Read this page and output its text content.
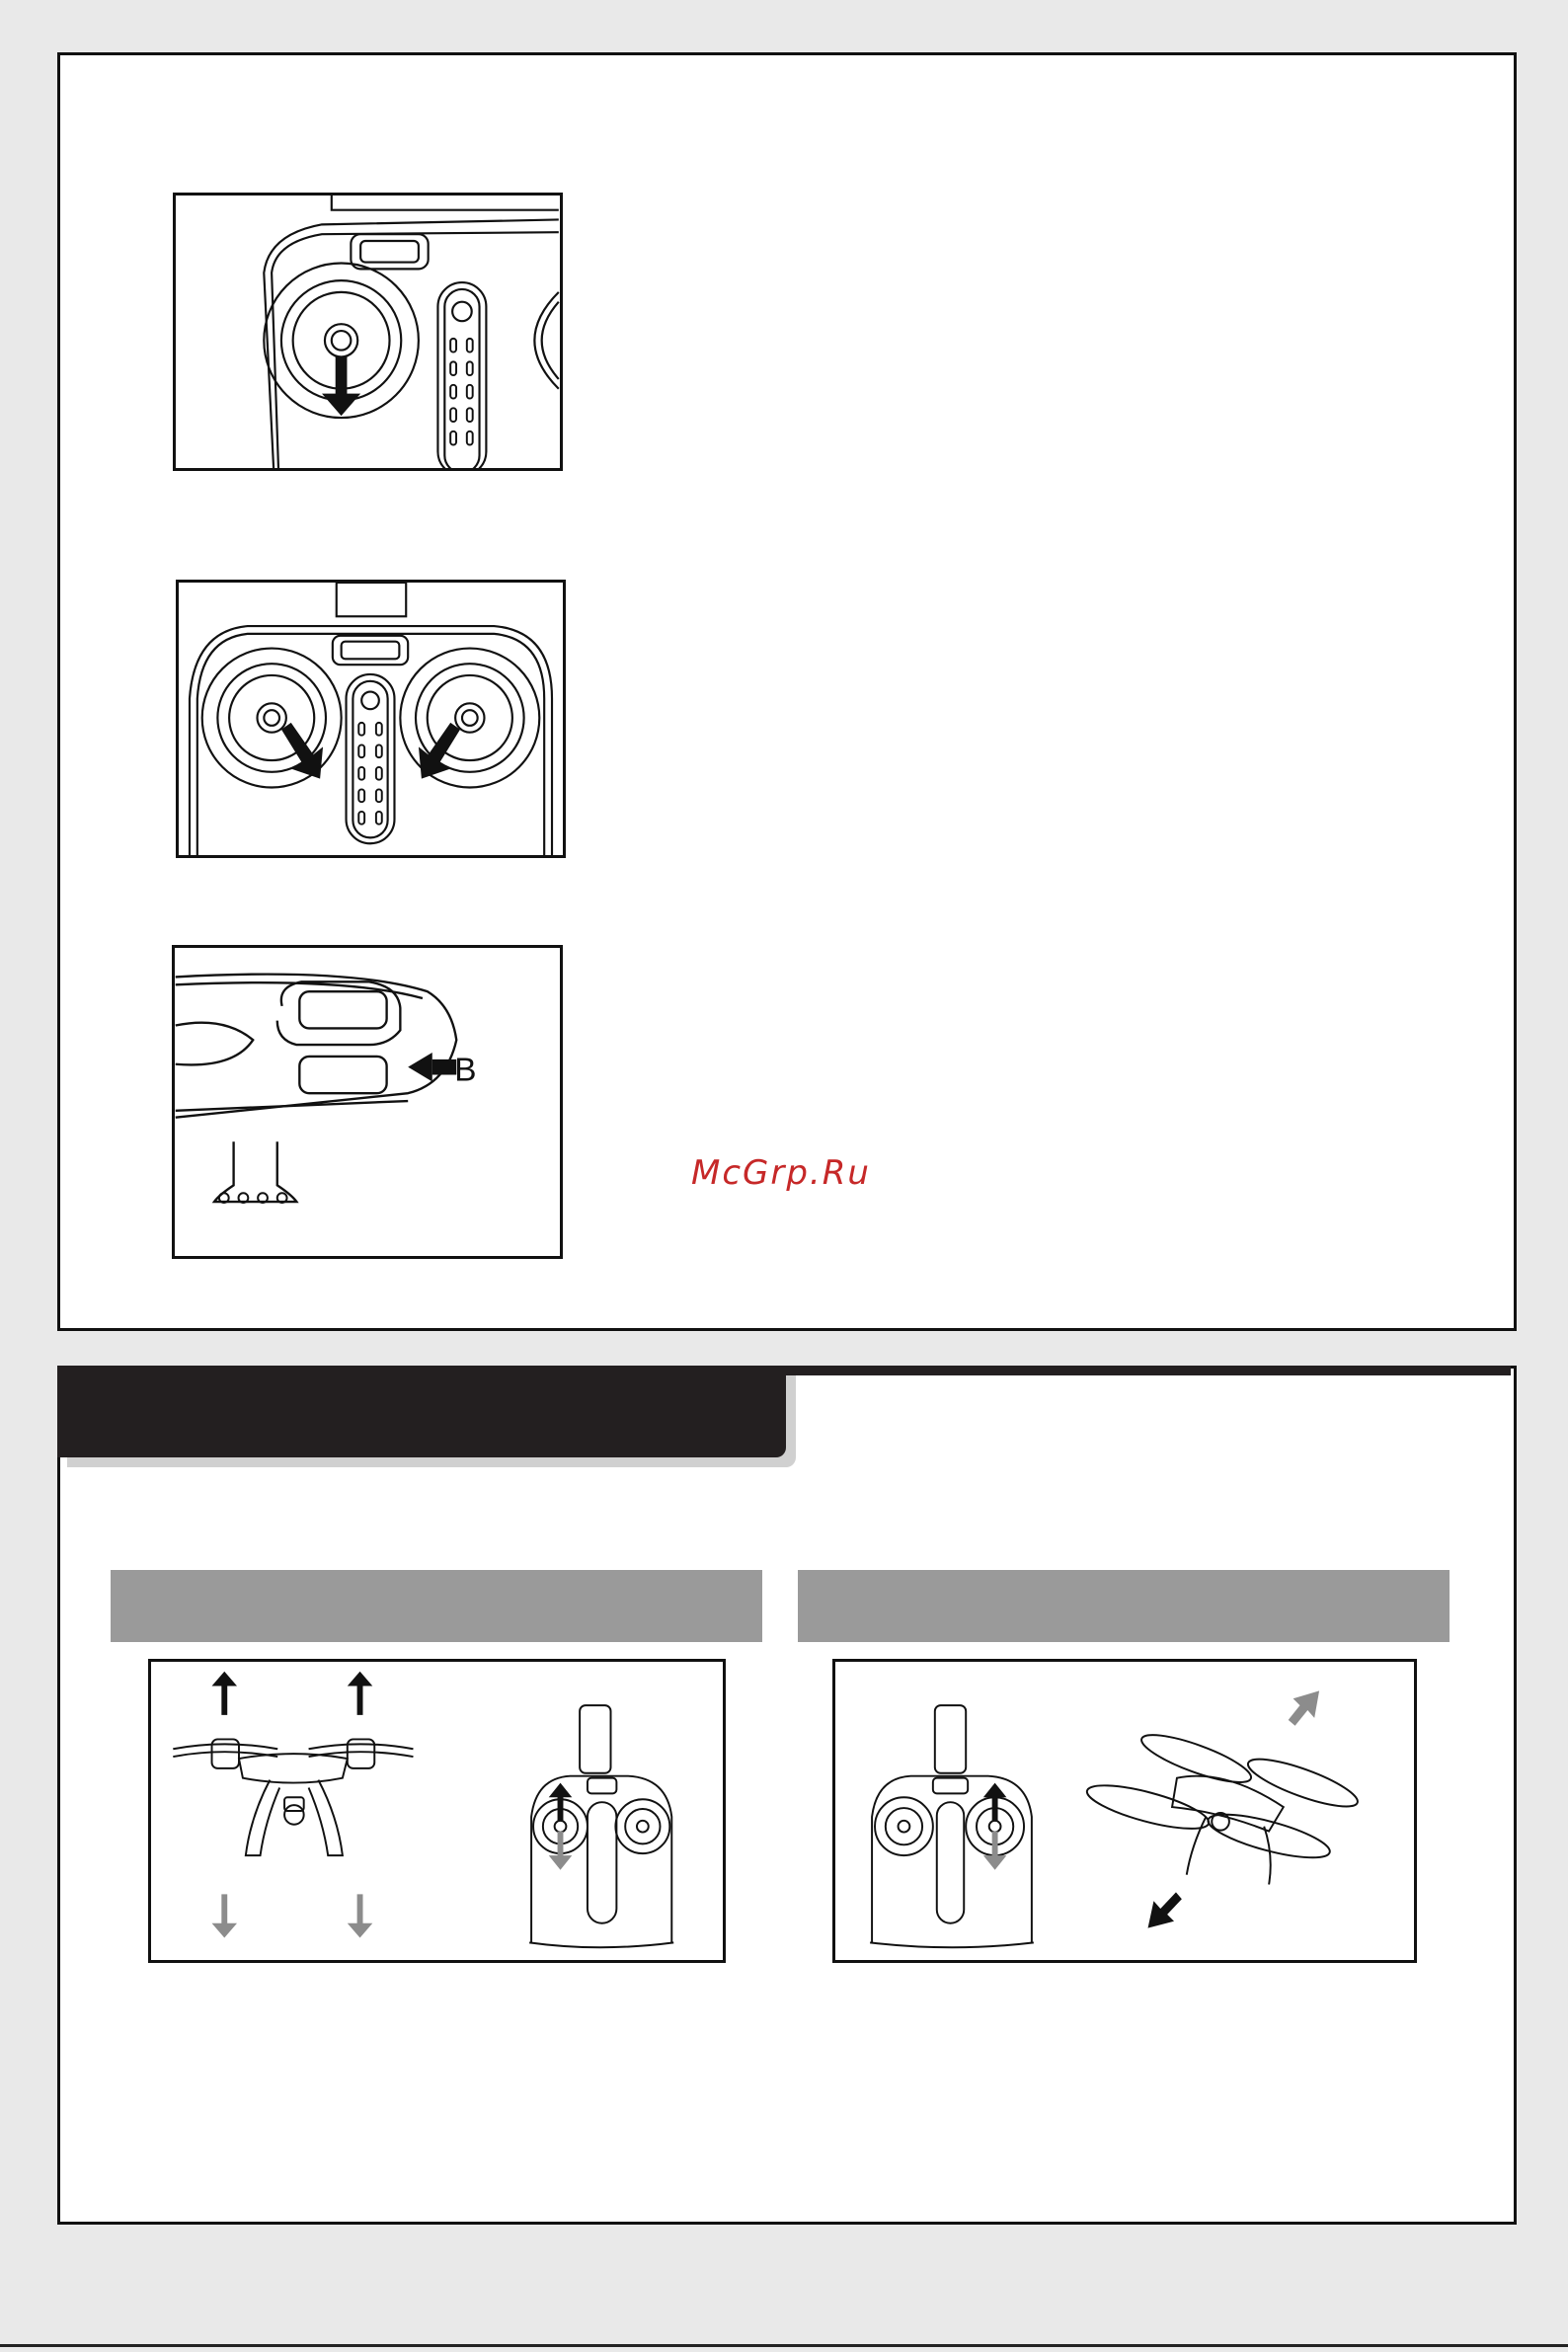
B
McGrp.Ru
